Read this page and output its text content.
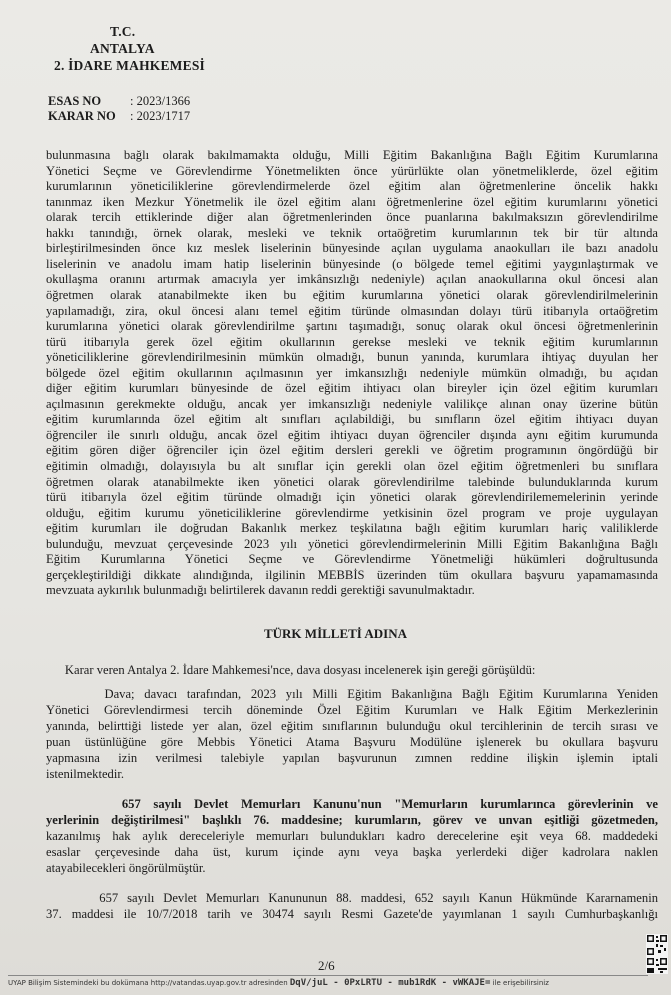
T.C.
ANTALYA
2. İDARE MAHKEMESİ
ESAS NO : 2023/1366
KARAR NO : 2023/1717
bulunmasına bağlı olarak bakılmamakta olduğu, Milli Eğitim Bakanlığına Bağlı Eğitim Kurumlarına
Yönetici Seçme ve Görevlendirme Yönetmelikten önce yürürlükte olan yönetmeliklerde, özel eğitim
kurumlarının yöneticiliklerine görevlendirmelerde özel eğitim alan öğretmenlerine öncelik hakkı
tanınmaz iken Mezkur Yönetmelik ile özel eğitim alanı öğretmenlerine özel eğitim kurumlarını yönetici
olarak tercih ettiklerinde diğer alan öğretmenlerinden önce puanlarına bakılmaksızın görevlendirilme
hakkı tanındığı, örnek olarak, mesleki ve teknik ortaöğretim kurumlarının tek bir tür altında
birleştirilmesinden önce kız meslek liselerinin bünyesinde açılan uygulama anaokulları ile bazı anadolu
liselerinin ve anadolu imam hatip liselerinin bünyesinde (o bölgede temel eğitimi yaygınlaştırmak ve
okullaşma oranını artırmak amacıyla yer imkânsızlığı nedeniyle) açılan anaokullarına okul öncesi alan
öğretmen olarak atanabilmekte iken bu eğitim kurumlarına yönetici olarak görevlendirilmelerinin
yapılamadığı, zira, okul öncesi alanı temel eğitim türünde olmasından dolayı türü itibarıyla ortaöğretim
kurumlarına yönetici olarak görevlendirilme şartını taşımadığı, sonuç olarak okul öncesi öğretmenlerinin
türü itibarıyla gerek özel eğitim okullarının gerekse mesleki ve teknik eğitim kurumlarının
yöneticiliklerine görevlendirilmesinin mümkün olmadığı, bunun yanında, kurumlara ihtiyaç duyulan her
bölgede özel eğitim okullarının açılmasının yer imkansızlığı nedeniyle mümkün olmadığı, bu açıdan
diğer eğitim kurumları bünyesinde de özel eğitim ihtiyacı olan bireyler için özel eğitim kurumları
açılmasının gerekmekte olduğu, ancak yer imkansızlığı nedeniyle valilikçe alınan onay üzerine bütün
eğitim kurumlarında özel eğitim alt sınıfları açılabildiği, bu sınıfların özel eğitim ihtiyacı duyan
öğrenciler ile sınırlı olduğu, ancak özel eğitim ihtiyacı duyan öğrenciler dışında aynı eğitim kurumunda
eğitim gören diğer öğrenciler için özel eğitim dersleri gerekli ve öğretim programının öngördüğü bir
eğitimin olmadığı, dolayısıyla bu alt sınıflar için gerekli olan özel eğitim öğretmenleri bu sınıflara
öğretmen olarak atanabilmekte iken yönetici olarak görevlendirilme talebinde bulunduklarında kurum
türü itibarıyla özel eğitim türünde olmadığı için yönetici olarak görevlendirilememelerinin yerinde
olduğu, eğitim kurumu yöneticiliklerine görevlendirme yetkisinin özel program ve proje uygulayan
eğitim kurumları ile doğrudan Bakanlık merkez teşkilatına bağlı eğitim kurumları hariç valiliklerde
bulunduğu, mevzuat çerçevesinde 2023 yılı yönetici görevlendirmelerinin Milli Eğitim Bakanlığına Bağlı
Eğitim Kurumlarına Yönetici Seçme ve Görevlendirme Yönetmeliği hükümleri doğrultusunda
gerçekleştirildiği dikkate alındığında, ilgilinin MEBBİS üzerinden tüm okullara başvuru yapamamasında
mevzuata aykırılık bulunmadığı belirtilerek davanın reddi gerektiği savunulmaktadır.
TÜRK MİLLETİ ADINA
Karar veren Antalya 2. İdare Mahkemesi'nce, dava dosyası incelenerek işin gereği görüşüldü:
Dava; davacı tarafından, 2023 yılı Milli Eğitim Bakanlığına Bağlı Eğitim Kurumlarına Yeniden
Yönetici Görevlendirmesi tercih döneminde Özel Eğitim Kurumları ve Halk Eğitim Merkezlerinin
yanında, belirttiği listede yer alan, özel eğitim sınıflarının bulunduğu okul tercihlerinin de tercih sırası ve
puan üstünlüğüne göre Mebbis Yönetici Atama Başvuru Modülüne işlenerek bu okullara başvuru
yapmasına izin verilmesi talebiyle yapılan başvurunun zımnen reddine ilişkin işlemin iptali
istenilmektedir.
657 sayılı Devlet Memurları Kanunu'nun "Memurların kurumlarınca görevlerinin ve
yerlerinin değiştirilmesi" başlıklı 76. maddesine; kurumların, görev ve unvan eşitliği gözetmeden,
kazanılmış hak aylık dereceleriyle memurları bulundukları kadro derecelerine eşit veya 68. maddedeki
esaslar çerçevesinde daha üst, kurum içinde aynı veya başka yerlerdeki diğer kadrolara naklen
atayabilecekleri öngörülmüştür.
657 sayılı Devlet Memurları Kanununun 88. maddesi, 652 sayılı Kanun Hükmünde Kararnamenin
37. maddesi ile 10/7/2018 tarih ve 30474 sayılı Resmi Gazete'de yayımlanan 1 sayılı Cumhurbaşkanlığı
2/6
UYAP Bilişim Sistemindeki bu dokümana http://vatandas.uyap.gov.tr adresinden DqV/juL - 0PxLRTU - mub1RdK - vWKAJE= ile erişebilirsiniz
